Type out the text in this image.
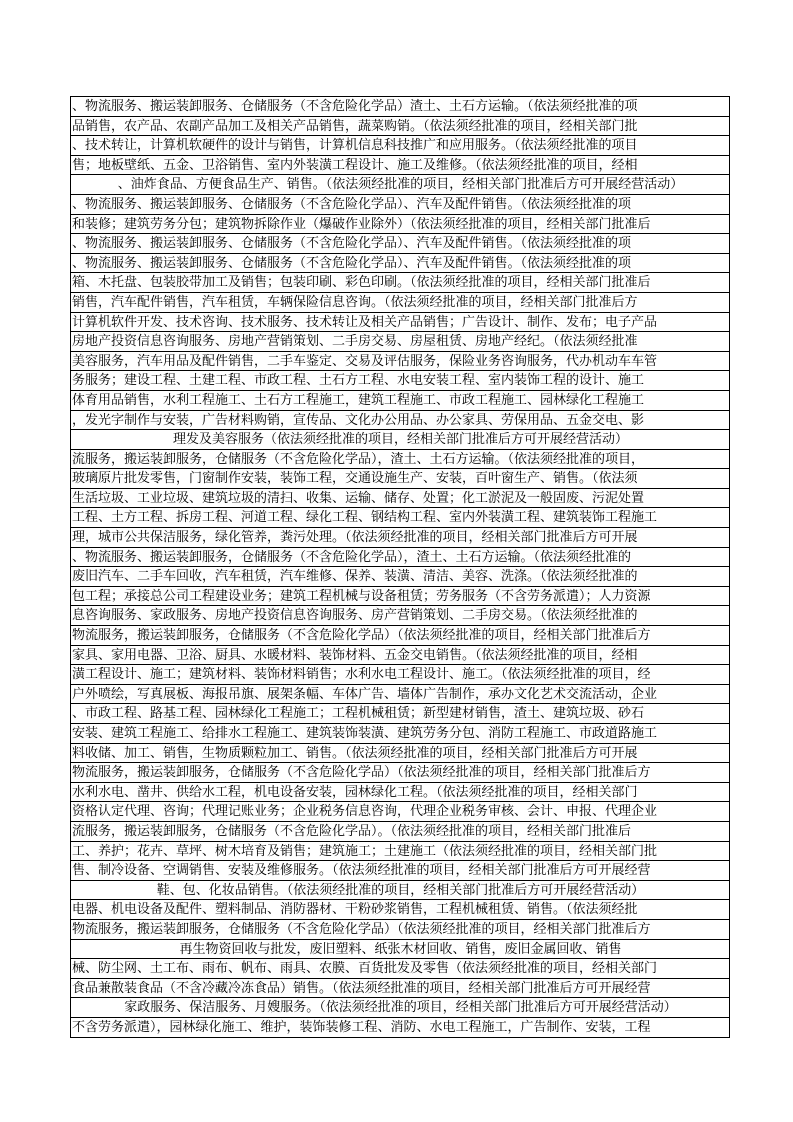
、物流服务、搬运装卸服务、仓储服务（不含危险化学品）渣土、土石方运输。（依法须经批准的项
品销售，农产品、农副产品加工及相关产品销售，蔬菜购销。（依法须经批准的项目，经相关部门批
、技术转让，计算机软硬件的设计与销售，计算机信息科技推广和应用服务。（依法须经批准的项目
售；地板壁纸、五金、卫浴销售、室内外装潢工程设计、施工及维修。（依法须经批准的项目，经相
、油炸食品、方便食品生产、销售。（依法须经批准的项目，经相关部门批准后方可开展经营活动）
、物流服务、搬运装卸服务、仓储服务（不含危险化学品）、汽车及配件销售。（依法须经批准的项
和装修；建筑劳务分包；建筑物拆除作业（爆破作业除外）（依法须经批准的项目，经相关部门批准后
、物流服务、搬运装卸服务、仓储服务（不含危险化学品）、汽车及配件销售。（依法须经批准的项
、物流服务、搬运装卸服务、仓储服务（不含危险化学品）、汽车及配件销售。（依法须经批准的项
箱、木托盘、包装胶带加工及销售；包装印刷、彩色印刷。（依法须经批准的项目，经相关部门批准后
销售，汽车配件销售，汽车租赁，车辆保险信息咨询。（依法须经批准的项目，经相关部门批准后方
计算机软件开发、技术咨询、技术服务、技术转让及相关产品销售；广告设计、制作、发布；电子产品
房地产投资信息咨询服务、房地产营销策划、二手房交易、房屋租赁、房地产经纪。（依法须经批准
美容服务，汽车用品及配件销售，二手车鉴定、交易及评估服务，保险业务咨询服务，代办机动车车管
务服务；建设工程、土建工程、市政工程、土石方工程、水电安装工程、室内装饰工程的设计、施工
体育用品销售，水利工程施工、土石方工程施工，建筑工程施工、市政工程施工、园林绿化工程施工
，发光字制作与安装，广告材料购销，宣传品、文化办公用品、办公家具、劳保用品、五金交电、影
理发及美容服务（依法须经批准的项目，经相关部门批准后方可开展经营活动）
流服务，搬运装卸服务，仓储服务（不含危险化学品），渣土、土石方运输。（依法须经批准的项目，
玻璃原片批发零售，门窗制作安装，装饰工程，交通设施生产、安装，百叶窗生产、销售。（依法须
生活垃圾、工业垃圾、建筑垃圾的清扫、收集、运输、储存、处置；化工淤泥及一般固废、污泥处置
工程、土方工程、拆房工程、河道工程、绿化工程、钢结构工程、室内外装潢工程、建筑装饰工程施工
理，城市公共保洁服务，绿化管养，粪污处理。（依法须经批准的项目，经相关部门批准后方可开展
、物流服务、搬运装卸服务，仓储服务（不含危险化学品），渣土、土石方运输。（依法须经批准的
废旧汽车、二手车回收，汽车租赁，汽车维修、保养、装潢、清洁、美容、洗涤。（依法须经批准的
包工程；承接总公司工程建设业务；建筑工程机械与设备租赁；劳务服务（不含劳务派遣）；人力资源
息咨询服务、家政服务、房地产投资信息咨询服务、房产营销策划、二手房交易。（依法须经批准的
物流服务，搬运装卸服务，仓储服务（不含危险化学品）（依法须经批准的项目，经相关部门批准后方
家具、家用电器、卫浴、厨具、水暖材料、装饰材料、五金交电销售。（依法须经批准的项目，经相
潢工程设计、施工；建筑材料、装饰材料销售；水利水电工程设计、施工。（依法须经批准的项目，经
户外喷绘，写真展板、海报吊旗、展架条幅、车体广告、墙体广告制作，承办文化艺术交流活动，企业
、市政工程、路基工程、园林绿化工程施工；工程机械租赁；新型建材销售，渣土、建筑垃圾、砂石
安装、建筑工程施工、给排水工程施工、建筑装饰装潢、建筑劳务分包、消防工程施工、市政道路施工
料收储、加工、销售，生物质颗粒加工、销售。（依法须经批准的项目，经相关部门批准后方可开展
物流服务，搬运装卸服务，仓储服务（不含危险化学品）（依法须经批准的项目，经相关部门批准后方
水利水电、凿井、供给水工程，机电设备安装，园林绿化工程。（依法须经批准的项目，经相关部门
资格认定代理、咨询；代理记账业务；企业税务信息咨询，代理企业税务审核、会计、申报、代理企业
流服务，搬运装卸服务，仓储服务（不含危险化学品）。（依法须经批准的项目，经相关部门批准后
工、养护；花卉、草坪、树木培育及销售；建筑施工；土建施工（依法须经批准的项目，经相关部门批
售、制冷设备、空调销售、安装及维修服务。（依法须经批准的项目，经相关部门批准后方可开展经营
鞋、包、化妆品销售。（依法须经批准的项目，经相关部门批准后方可开展经营活动）
电器、机电设备及配件、塑料制品、消防器材、干粉砂浆销售，工程机械租赁、销售。（依法须经批
物流服务，搬运装卸服务，仓储服务（不含危险化学品）（依法须经批准的项目，经相关部门批准后方
再生物资回收与批发，废旧塑料、纸张木材回收、销售，废旧金属回收、销售
械、防尘网、土工布、雨布、帆布、雨具、农膜、百货批发及零售（依法须经批准的项目，经相关部门
食品兼散装食品（不含冷藏冷冻食品）销售。（依法须经批准的项目，经相关部门批准后方可开展经营
家政服务、保洁服务、月嫂服务。（依法须经批准的项目，经相关部门批准后方可开展经营活动）
不含劳务派遣），园林绿化施工、维护，装饰装修工程、消防、水电工程施工，广告制作、安装，工程
